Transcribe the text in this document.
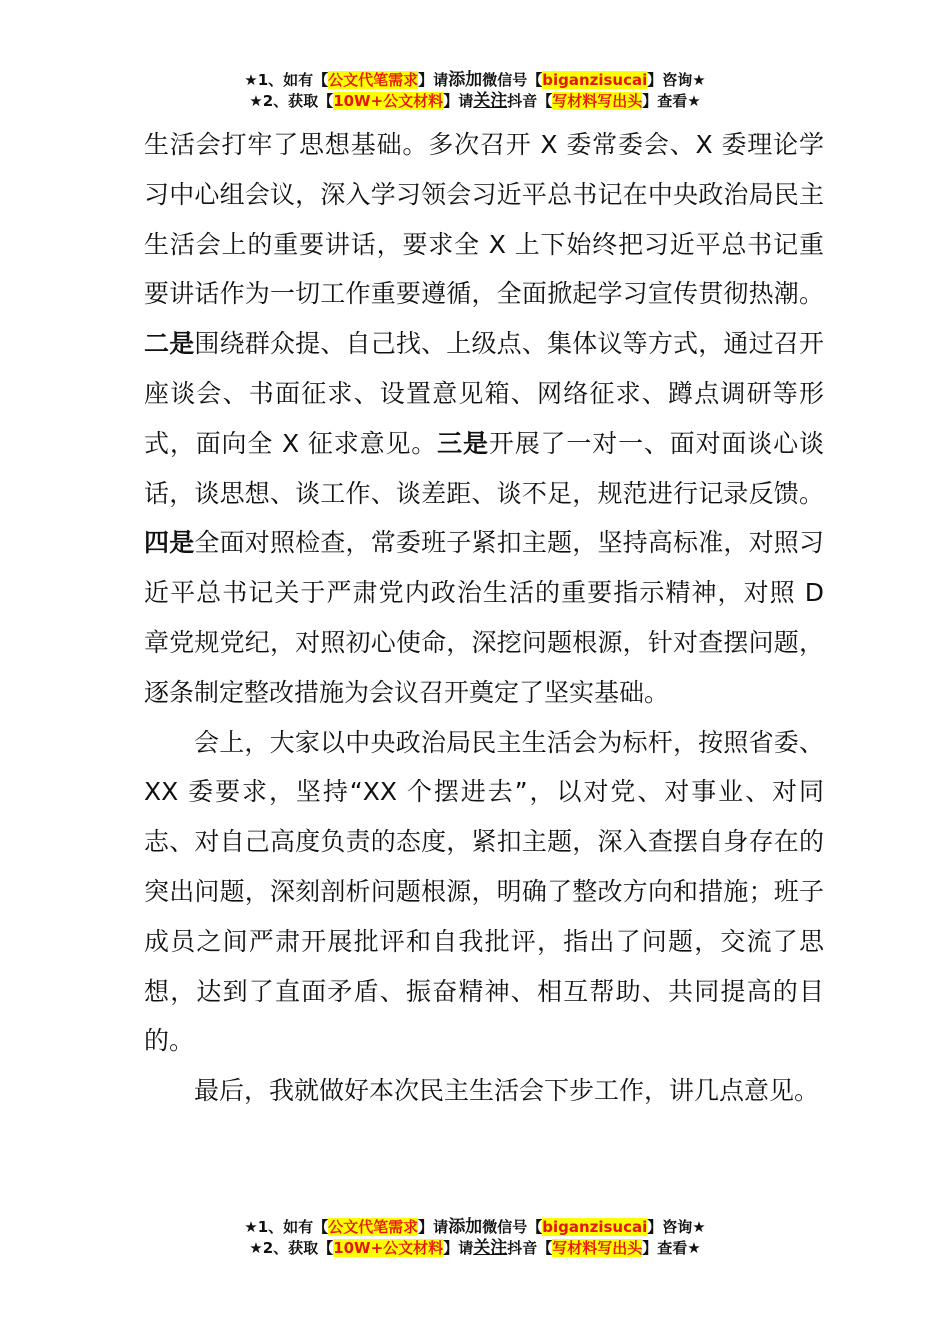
★1、如有【公文代笔需求】请添加微信号【biganzisucai】咨询★
★2、获取【10W+公文材料】请关注抖音【写材料写出头】查看★

生活会打牢了思想基础。多次召开 X 委常委会、X 委理论学习中心组会议，深入学习领会习近平总书记在中央政治局民主生活会上的重要讲话，要求全 X 上下始终把习近平总书记重要讲话作为一切工作重要遵循，全面掀起学习宣传贯彻热潮。二是围绕群众提、自己找、上级点、集体议等方式，通过召开座谈会、书面征求、设置意见箱、网络征求、蹲点调研等形式，面向全 X 征求意见。三是开展了一对一、面对面谈心谈话，谈思想、谈工作、谈差距、谈不足，规范进行记录反馈。四是全面对照检查，常委班子紧扣主题，坚持高标准，对照习近平总书记关于严肃党内政治生活的重要指示精神，对照 D 章党规党纪，对照初心使命，深挖问题根源，针对查摆问题，逐条制定整改措施为会议召开奠定了坚实基础。

会上，大家以中央政治局民主生活会为标杆，按照省委、XX 委要求，坚持“XX 个摆进去”，以对党、对事业、对同志、对自己高度负责的态度，紧扣主题，深入查摆自身存在的突出问题，深刻剖析问题根源，明确了整改方向和措施；班子成员之间严肃开展批评和自我批评，指出了问题，交流了思想，达到了直面矛盾、振奋精神、相互帮助、共同提高的目的。

最后，我就做好本次民主生活会下步工作，讲几点意见。

★1、如有【公文代笔需求】请添加微信号【biganzisucai】咨询★
★2、获取【10W+公文材料】请关注抖音【写材料写出头】查看★
